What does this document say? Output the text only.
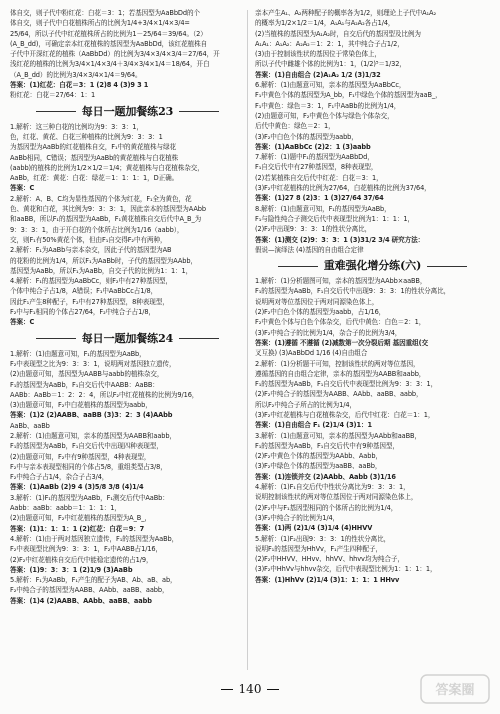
体自交，则子代中粉红花：白花＝3：1；若基因型为AaBbDd的个

体自交，则子代中白花植株所占的比例为1/4+3/4×1/4×3/4=

25/64，所以子代中红花植株所占的比例为1－25/64＝39/64。（2）

(A_B_dd)，可确定亲本红花植株的基因型为AaBbDd，该红花植株自

子代中开深红花的植株（AaBbDd）的比例为3/4×3/4×3/4＝27/64，开

浅红花的植株的比例为3/4×1/4×3/4＋3/4×3/4×1/4＝18/64，开白

（A_B_dd）的比例为3/4×3/4×1/4＝9/64。

答案：(1)红花：白花＝3：1 (2)8 4 (3)9 3 1

粉红花：白花＝27/64：1：1

每日一题加餐练23

1.解析：这三种白花的比例均为9：3：3：1，

色，红花、黄花、白花三种植株的比例为9：3：3：1

为基因型为AaBb的红花植株自交，F₁中的黄花植株与绿花

AaBb相同，C错误；基因型为AaBb的黄花植株与白花植株

(aabb)的植株的比例为1/2×1/2＝1/4；黄花植株与白花植株杂交，

AaBb，红花：黄花：白花：绿花＝1：1：1：1，D正确。

答案：C

2.解析：A、B、C均为显性基因的个体为红花，F₁全为黄色，花

色、黄花和白花，其比例为9：3：3：1，因此亲本的基因型为AAbb

和aaBB，所以F₁的基因型为AaBb，F₁黄花植株自交后代中A_B_为

9：3：3：1，由于开白花的个体所占比例为1/16（aabb），

交，则F₁有50%黄花个体，但由F₁自交得F₂中有两种，

2.解析：F₁为AaBb与亲本杂交，因此子代的基因型为AB

的花粉的比例为1/4，所以F₁为AaBb时，子代的基因型为AAbb，

基因型为AaBb，所以F₁为AaBb，自交子代的比例为1：1：1，

4.解析：F₁的基因型为AaBbCc，则F₂中有27种基因型，

个体中纯合子占1/8，A错误；F₁中AaBbCc占1/8，

因此F₁产生8种配子，F₂中有27种基因型，8种表现型，

F₂中与F₁相同的个体占27/64，F₂中纯合子占1/8，

答案：C

每日一题加餐练24

1.解析：(1)由题意可知，F₁的基因型为AaBb，

F₂中表现型之比为9：3：3：1，说明两对基因独立遗传，

(2)由题意可知，基因型为AABB与aabb的植株杂交，

F₁的基因型为AaBb，F₁自交后代中AABB：AaBB：

AABb：AaBb＝1：2：2：4，所以F₂中红花植株的比例为9/16，

(3)由题意可知，F₂中白花植株的基因型为aabb，

答案：(1)2 (2)AABB、aaBB (3)3：2：3 (4)AAbb

AaBb、aaBb

2.解析：(1)由题意可知，亲本的基因型为AABB和aabb，

F₁的基因型为AaBb，F₁自交后代中出现四种表现型，

(2)由题意可知，F₂中有9种基因型，4种表现型，

F₂中与亲本表现型相同的个体占5/8，重组类型占3/8，

F₂中纯合子占1/4，杂合子占3/4，

答案：(1)AaBb (2)9 4 (3)5/8 3/8 (4)1/4

3.解析：(1)F₁的基因型为AaBb，F₁测交后代中AaBb：

Aabb：aaBb：aabb＝1：1：1：1，

(2)由题意可知，F₂中红花植株的基因型为A_B_，

答案：(1)1：1：1：1 (2)红花：白花＝9：7

4.解析：(1)由于两对基因独立遗传，F₁的基因型为AaBb，

F₂中表现型比例为9：3：3：1，F₂中AABB占1/16，

(2)F₂中红花植株自交后代中能稳定遗传的占1/9，

答案：(1)9：3：3：1 (2)1/9 (3)AaBb

5.解析：F₁为AaBb，F₁产生的配子为AB、Ab、aB、ab，

F₂中纯合子的基因型为AABB、AAbb、aaBB、aabb，

答案：(1)4 (2)AABB、AAbb、aaBB、aabb

亲本产生A₁、A₂两种配子的概率各为1/2，则理论上子代中A₁A₂

的概率为1/2×1/2＝1/4，A₁A₁与A₂A₂各占1/4，

(2)当植株的基因型为A₁A₂时，自交后代的基因型及比例为

A₁A₁：A₁A₂：A₂A₂＝1：2：1，其中纯合子占1/2，

(3)由于控制该性状的基因位于常染色体上，

所以子代中雌雄个体的比例为1：1，(1/2)⁵＝1/32，

答案：(1)自由组合 (2)A₁A₂ 1/2 (3)1/32

6.解析：(1)由题意可知，亲本的基因型为AaBbCc，

F₁中黄色个体的基因型为A_bb，F₁中绿色个体的基因型为aaB_，

F₁中黄色：绿色＝3：1，F₁中AaBb的比例为1/4，

(2)由题意可知，F₂中黄色个体与绿色个体杂交，

后代中黄色：绿色＝2：1，

(3)F₂中白色个体的基因型为aabb，

答案：(1)AaBbCc (2)2：1 (3)aabb

7.解析：(1)题中F₁的基因型为AaBbDd，

F₁自交后代中有27种基因型，8种表现型，

(2)若某植株自交后代中红花：白花＝3：1，

(3)F₂中红花植株的比例为27/64，白花植株的比例为37/64，

答案：(1)27 8 (2)3：1 (3)27/64 37/64

8.解析：(1)由题意可知，F₁的基因型为AaBb，

F₁与隐性纯合子测交后代中表现型比例为1：1：1：1，

(2)F₂中出现9：3：3：1的性状分离比，

答案：(1)测交 (2)9：3：3：1 (3)31/2 3/4 研究方法：

假说—演绎法 (4)基因的自由组合定律

重难强化增分练(六)

1.解析：(1)分析题图可知，亲本的基因型为AAbb×aaBB，

F₁的基因型为AaBb，F₁自交后代中出现9：3：3：1的性状分离比，

说明两对等位基因位于两对同源染色体上，

(2)F₂中白色个体的基因型为aabb，占1/16，

F₂中黄色个体与白色个体杂交，后代中黄色：白色＝2：1，

(3)F₂中纯合子的比例为1/4，杂合子的比例为3/4，

答案：(1)遵循 不遵循 (2)减数第一次分裂后期 基因重组(交

叉互换) (3)AaBbDd 1/16 (4)自由组合

2.解析：(1)分析题干可知，控制该性状的两对等位基因，

遵循基因的自由组合定律，亲本的基因型为AABB和aabb，

F₁的基因型为AaBb，F₁自交后代中表现型比例为9：3：3：1，

(2)F₂中纯合子的基因型为AABB、AAbb、aaBB、aabb，

所以F₂中纯合子所占的比例为1/4，

(3)F₂中红花植株与白花植株杂交，后代中红花：白花＝1：1，

答案：(1)自由组合 F₁ (2)1/4 (3)1：1

3.解析：(1)由题意可知，亲本的基因型为AAbb和aaBB，

F₁的基因型为AaBb，F₁自交后代中有9种基因型，

(2)F₂中黄色个体的基因型为AAbb、Aabb，

(3)F₂中绿色个体的基因型为aaBB、aaBb，

答案：(1)连锁并交 (2)AAbb、Aabb (3)1/16

4.解析：(1)F₁自交后代中性状分离比为9：3：3：1，

说明控制该性状的两对等位基因位于两对同源染色体上，

(2)F₂中与F₁基因型相同的个体所占的比例为1/4，

(3)F₂中纯合子的比例为1/4，

答案：(1)两 (2)1/4 (3)1/4 (4)HHVV

5.解析：(1)F₂出现9：3：3：1的性状分离比，

说明F₁的基因型为HhVv，F₁产生四种配子，

(2)F₂中HHVV、HHvv、hhVV、hhvv均为纯合子，

(3)F₂中HhVv与hhvv杂交，后代中表现型比例为1：1：1：1，

答案：(1)HhVv (2)1/4 (3)1：1：1：1 HHvv

140	答案圈
